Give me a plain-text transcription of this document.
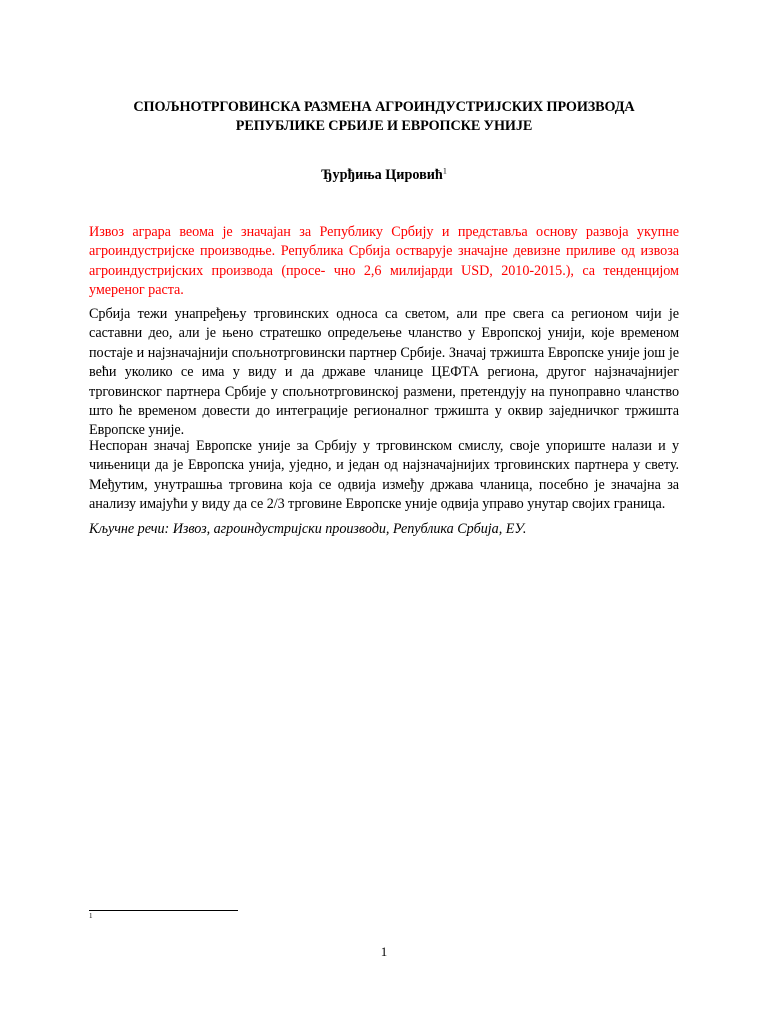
СПОЉНОТРГОВИНСКА РАЗМЕНА АГРОИНДУСТРИЈСКИХ ПРОИЗВОДА РЕПУБЛИКЕ СРБИЈЕ И ЕВРОПСКЕ УНИЈЕ
Ђурђиња Цировић$^1$

Извоз аграра веома је значајан за Републику Србију и представља основу развоја укупне агроиндустријске производње. Република Србија остварује значајне девизне приливе од извоза агроиндустријских производа (просе- чно 2,6 милијарди USD, 2010-2015.), са тенденцијом умереног раста.

Србија тежи унапређењу трговинских односа са светом, али пре свега са регионом чији је саставни део, али је њено стратешко опредељење чланство у Европској унији, које временом постаје и најзначајнији спољнотрговински партнер Србије. Значај тржишта Европске уније још је већи уколико се има у виду и да државе чланице ЦЕФТА региона, другог најзначајнијег трговинског партнера Србије у спољнотрговинској размени, претендују на пуноправно чланство што ће временом довести до интеграције регионалног тржишта у оквир заједничког тржишта Европске уније.

Неспоран значај Европске уније за Србију у трговинском смислу, своје упориште налази и у чињеници да је Европска унија, уједно, и један од најзначајнијих трговинских партнера у свету. Међутим, унутрашња трговина која се одвија између држава чланица, посебно је значајна за анализу имајући у виду да се 2/3 трговине Европске уније одвија управо унутар својих граница.

Кључне речи: Извоз, агроиндустријски производи, Република Србија, ЕУ.

1
1
